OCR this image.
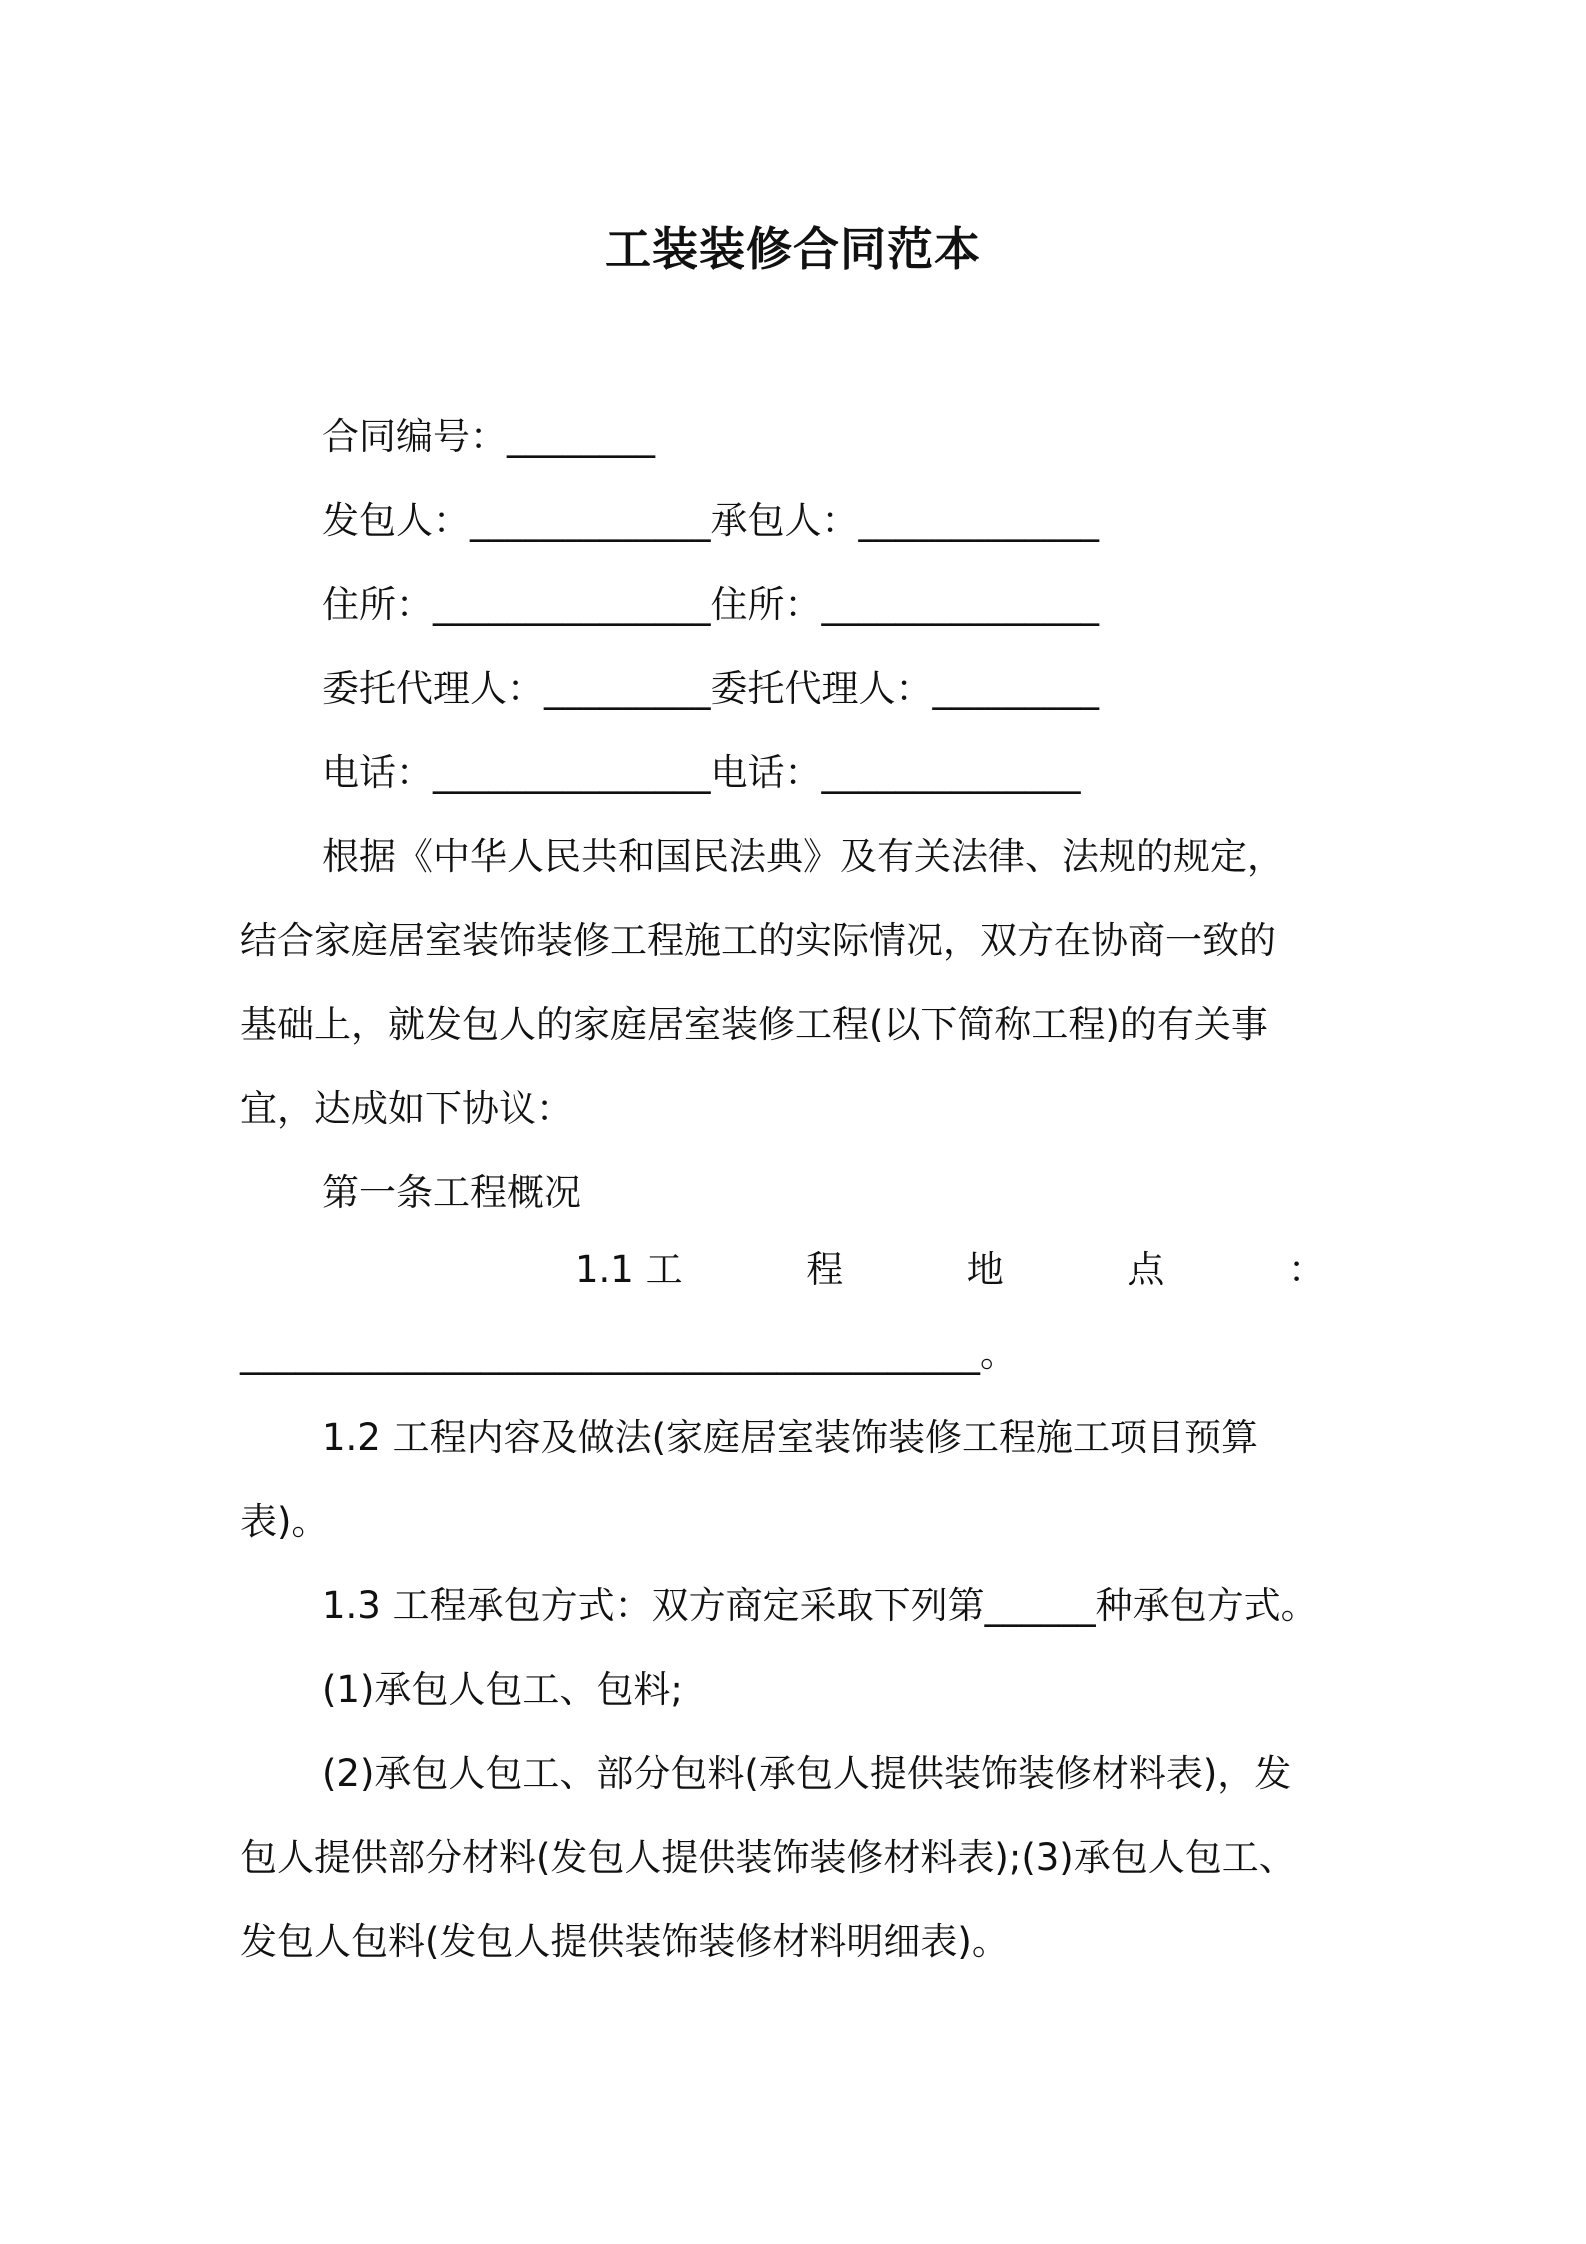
工装装修合同范本
合同编号：________
发包人：_____________承包人：_____________
住所：_______________住所：_______________
委托代理人：_________委托代理人：_________
电话：_______________电话：______________
根据《中华人民共和国民法典》及有关法律、法规的规定，
结合家庭居室装饰装修工程施工的实际情况，双方在协商一致的
基础上，就发包人的家庭居室装修工程(以下简称工程)的有关事
宜，达成如下协议：
第一条工程概况
1.1 工	程	地	点	：
________________________________________。
1.2 工程内容及做法(家庭居室装饰装修工程施工项目预算
表)。
1.3 工程承包方式：双方商定采取下列第______种承包方式。
(1)承包人包工、包料;
(2)承包人包工、部分包料(承包人提供装饰装修材料表)，发
包人提供部分材料(发包人提供装饰装修材料表);(3)承包人包工、
发包人包料(发包人提供装饰装修材料明细表)。
